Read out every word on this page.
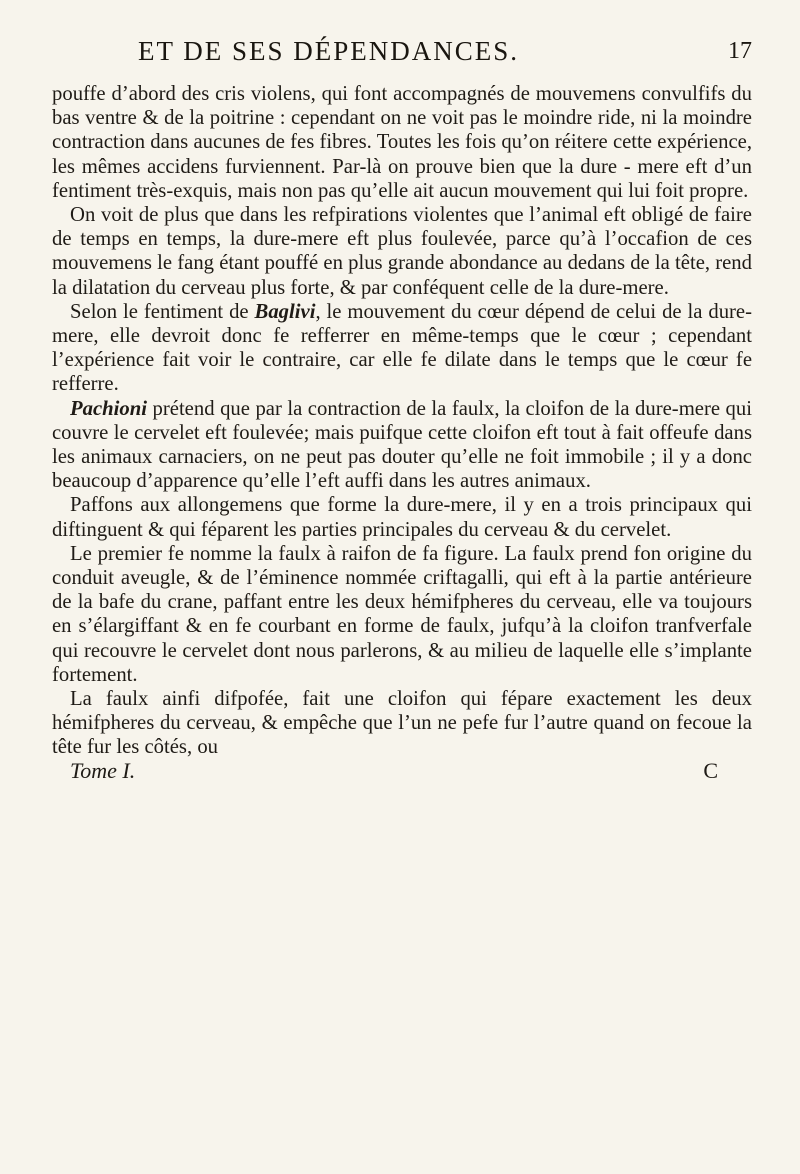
ET DE SES DÉPENDANCES.	17

pouffe d’abord des cris violens, qui font accompagnés de mouvemens convulfifs du bas ventre & de la poitrine : cependant on ne voit pas le moindre ride, ni la moindre contraction dans aucunes de fes fibres. Toutes les fois qu’on réitere cette expérience, les mêmes accidens furviennent. Par-là on prouve bien que la dure - mere eft d’un fentiment très-exquis, mais non pas qu’elle ait aucun mouvement qui lui foit propre.

On voit de plus que dans les refpirations violentes que l’animal eft obligé de faire de temps en temps, la dure-mere eft plus foulevée, parce qu’à l’occafion de ces mouvemens le fang étant pouffé en plus grande abondance au dedans de la tête, rend la dilatation du cerveau plus forte, & par conféquent celle de la dure-mere.

Selon le fentiment de Baglivi, le mouvement du cœur dépend de celui de la dure-mere, elle devroit donc fe refferrer en même-temps que le cœur ; cependant l’expérience fait voir le contraire, car elle fe dilate dans le temps que le cœur fe refferre.

Pachioni prétend que par la contraction de la faulx, la cloifon de la dure-mere qui couvre le cervelet eft foulevée; mais puifque cette cloifon eft tout à fait offeufe dans les animaux carnaciers, on ne peut pas douter qu’elle ne foit immobile ; il y a donc beaucoup d’apparence qu’elle l’eft auffi dans les autres animaux.

Paffons aux allongemens que forme la dure-mere, il y en a trois principaux qui diftinguent & qui féparent les parties principales du cerveau & du cervelet.

Le premier fe nomme la faulx à raifon de fa figure. La faulx prend fon origine du conduit aveugle, & de l’éminence nommée criftagalli, qui eft à la partie antérieure de la bafe du crane, paffant entre les deux hémifpheres du cerveau, elle va toujours en s’élargiffant & en fe courbant en forme de faulx, jufqu’à la cloifon tranfverfale qui recouvre le cervelet dont nous parlerons, & au milieu de laquelle elle s’implante fortement.

La faulx ainfi difpofée, fait une cloifon qui fépare exactement les deux hémifpheres du cerveau, & empêche que l’un ne pefe fur l’autre quand on fecoue la tête fur les côtés, ou

Tome I.	C
